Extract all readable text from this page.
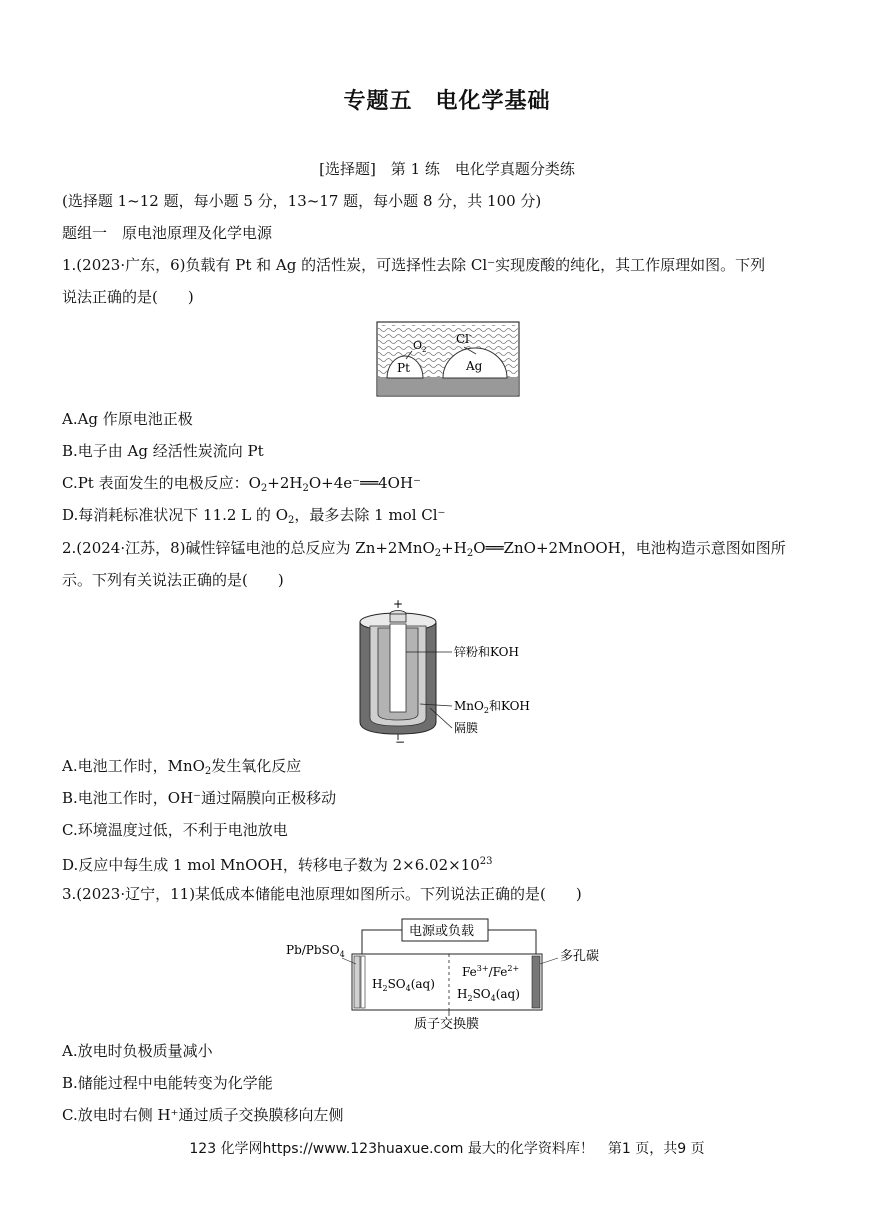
专题五　电化学基础
[选择题]　第 1 练　电化学真题分类练
(选择题 1~12 题，每小题 5 分，13~17 题，每小题 8 分，共 100 分)
题组一　原电池原理及化学电源
1.(2023·广东，6)负载有 Pt 和 Ag 的活性炭，可选择性去除 Cl⁻实现废酸的纯化，其工作原理如图。下列
说法正确的是(　　)
$O_2$
Cl-
Pt	Ag
A.Ag 作原电池正极
B.电子由 Ag 经活性炭流向 Pt
C.Pt 表面发生的电极反应：$O_2+2H_2O+4e^-══4OH^-$
D.每消耗标准状况下 11.2 L 的 $O_2$，最多去除 1 mol Cl⁻
2.(2024·江苏，8)碱性锌锰电池的总反应为 $Zn+2MnO_2+H_2O══ZnO+2MnOOH$，电池构造示意图如图所
示。下列有关说法正确的是(　　)
+
−
锌粉和KOH
MnO$_2$和KOH
隔膜
A.电池工作时，MnO$_2$发生氧化反应
B.电池工作时，OH⁻通过隔膜向正极移动
C.环境温度过低，不利于电池放电
D.反应中每生成 1 mol MnOOH，转移电子数为 $2\times 6.02\times 10^{23}$
3.(2023·辽宁，11)某低成本储能电池原理如图所示。下列说法正确的是(　　)
电源或负载
Pb/PbSO$_4$	多孔碳
$H_2SO_4(aq)$
$Fe^{3+}/Fe^{2+}$
$H_2SO_4(aq)$
质子交换膜
A.放电时负极质量减小
B.储能过程中电能转变为化学能
C.放电时右侧 H⁺通过质子交换膜移向左侧
123 化学网https://www.123huaxue.com 最大的化学资料库！　第1 页，共9 页
